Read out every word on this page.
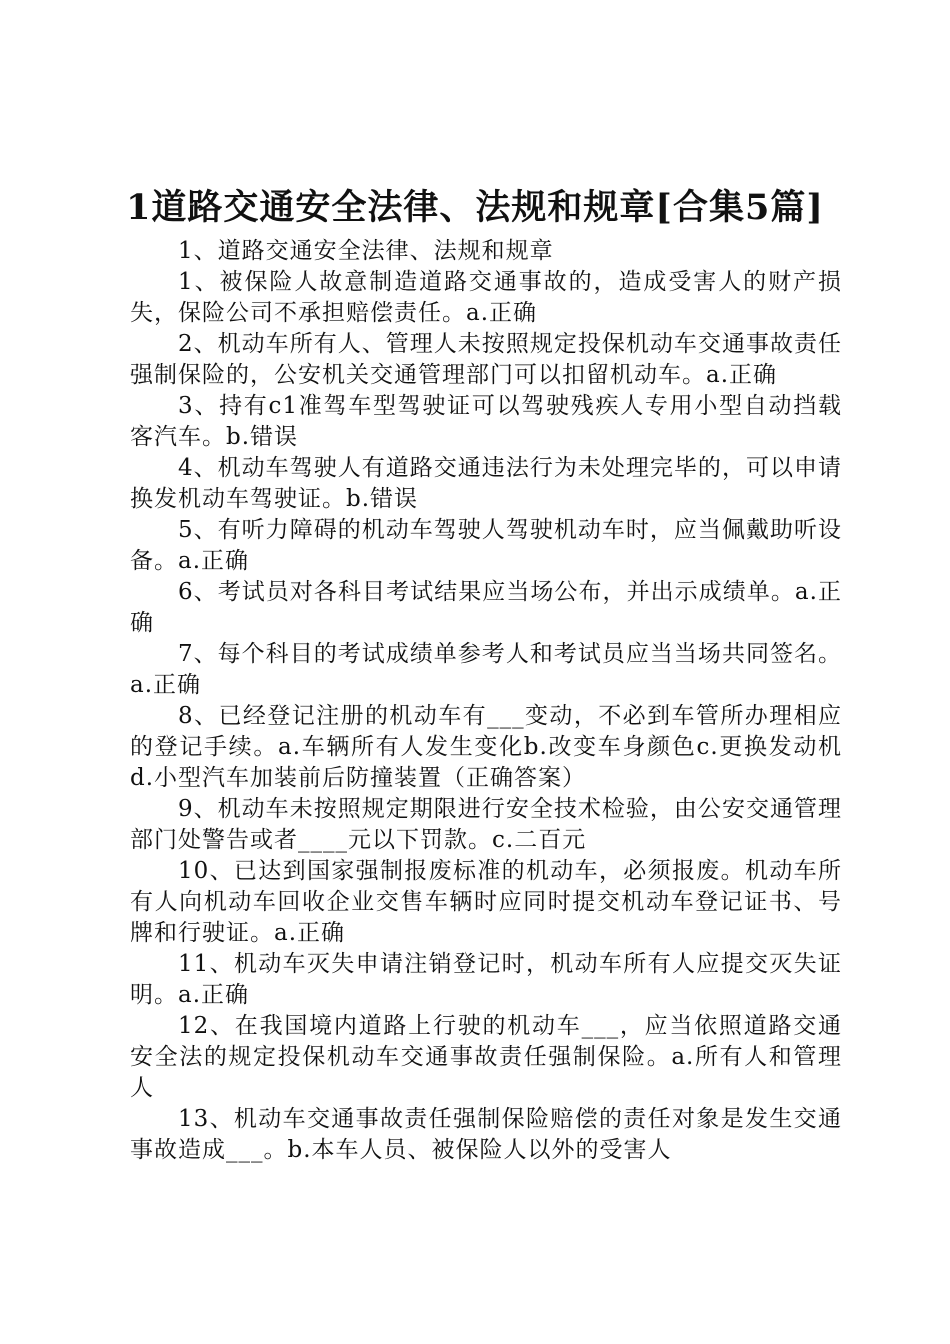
1道路交通安全法律、法规和规章[合集5篇]

1、道路交通安全法律、法规和规章

1、被保险人故意制造道路交通事故的，造成受害人的财产损失，保险公司不承担赔偿责任。a.正确

2、机动车所有人、管理人未按照规定投保机动车交通事故责任强制保险的，公安机关交通管理部门可以扣留机动车。a.正确

3、持有c1准驾车型驾驶证可以驾驶残疾人专用小型自动挡载客汽车。b.错误

4、机动车驾驶人有道路交通违法行为未处理完毕的，可以申请换发机动车驾驶证。b.错误

5、有听力障碍的机动车驾驶人驾驶机动车时，应当佩戴助听设备。a.正确

6、考试员对各科目考试结果应当场公布，并出示成绩单。a.正确

7、每个科目的考试成绩单参考人和考试员应当当场共同签名。a.正确

8、已经登记注册的机动车有___变动，不必到车管所办理相应的登记手续。a.车辆所有人发生变化b.改变车身颜色c.更换发动机d.小型汽车加装前后防撞装置（正确答案）

9、机动车未按照规定期限进行安全技术检验，由公安交通管理部门处警告或者____元以下罚款。c.二百元

10、已达到国家强制报废标准的机动车，必须报废。机动车所有人向机动车回收企业交售车辆时应同时提交机动车登记证书、号牌和行驶证。a.正确

11、机动车灭失申请注销登记时，机动车所有人应提交灭失证明。a.正确

12、在我国境内道路上行驶的机动车___，应当依照道路交通安全法的规定投保机动车交通事故责任强制保险。a.所有人和管理人

13、机动车交通事故责任强制保险赔偿的责任对象是发生交通事故造成___。b.本车人员、被保险人以外的受害人
